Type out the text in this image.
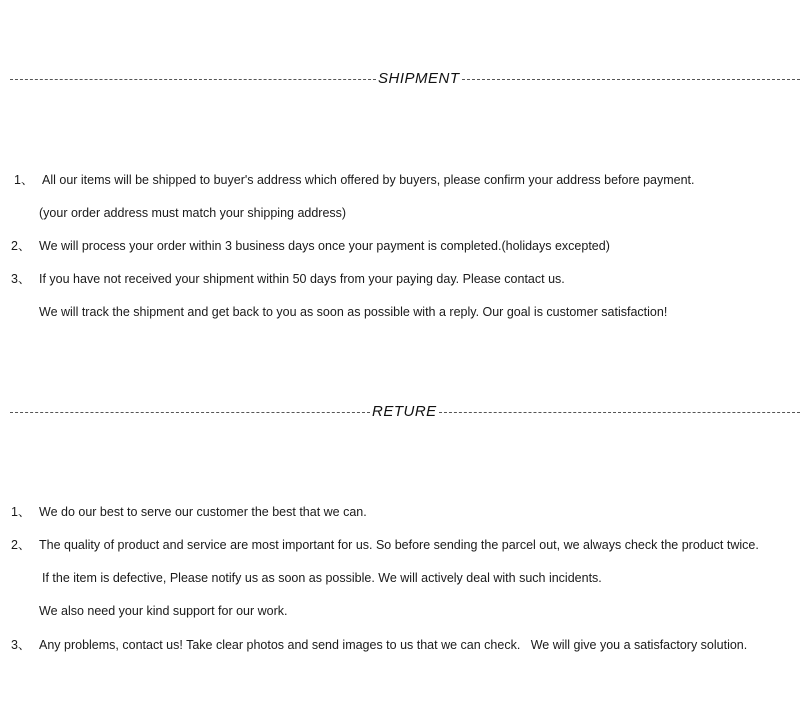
SHIPMENT
1、 All our items will be shipped to buyer's address which offered by buyers, please confirm your address before payment.
(your order address must match your shipping address)
2、 We will process your order within 3 business days once your payment is completed.(holidays excepted)
3、 If you have not received your shipment within 50 days from your paying day. Please contact us.
We will track the shipment and get back to you as soon as possible with a reply. Our goal is customer satisfaction!
RETURE
1、 We do our best to serve our customer the best that we can.
2、 The quality of product and service are most important for us. So before sending the parcel out, we always check the product twice.
If the item is defective, Please notify us as soon as possible. We will actively deal with such incidents.
We also need your kind support for our work.
3、 Any problems, contact us! Take clear photos and send images to us that we can check.   We will give you a satisfactory solution.
